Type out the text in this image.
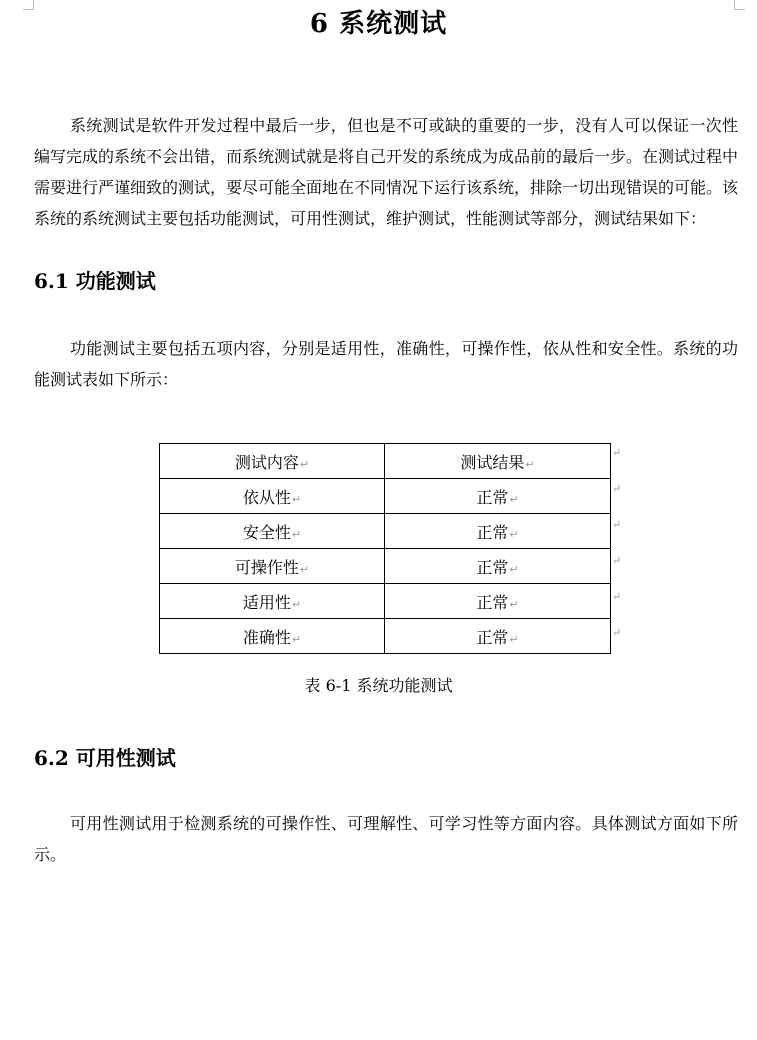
6 系统测试

系统测试是软件开发过程中最后一步，但也是不可或缺的重要的一步，没有人可以保证一次性编写完成的系统不会出错，而系统测试就是将自己开发的系统成为成品前的最后一步。在测试过程中需要进行严谨细致的测试，要尽可能全面地在不同情况下运行该系统，排除一切出现错误的可能。该系统的系统测试主要包括功能测试，可用性测试，维护测试，性能测试等部分，测试结果如下：

6.1 功能测试

功能测试主要包括五项内容，分别是适用性，准确性，可操作性，依从性和安全性。系统的功能测试表如下所示：

测试内容↵	测试结果↵
依从性↵	正常↵
安全性↵	正常↵
可操作性↵	正常↵
适用性↵	正常↵
准确性↵	正常↵
↵
↵
↵
↵
↵
↵
表 6-1 系统功能测试
6.2 可用性测试

可用性测试用于检测系统的可操作性、可理解性、可学习性等方面内容。具体测试方面如下所示。
